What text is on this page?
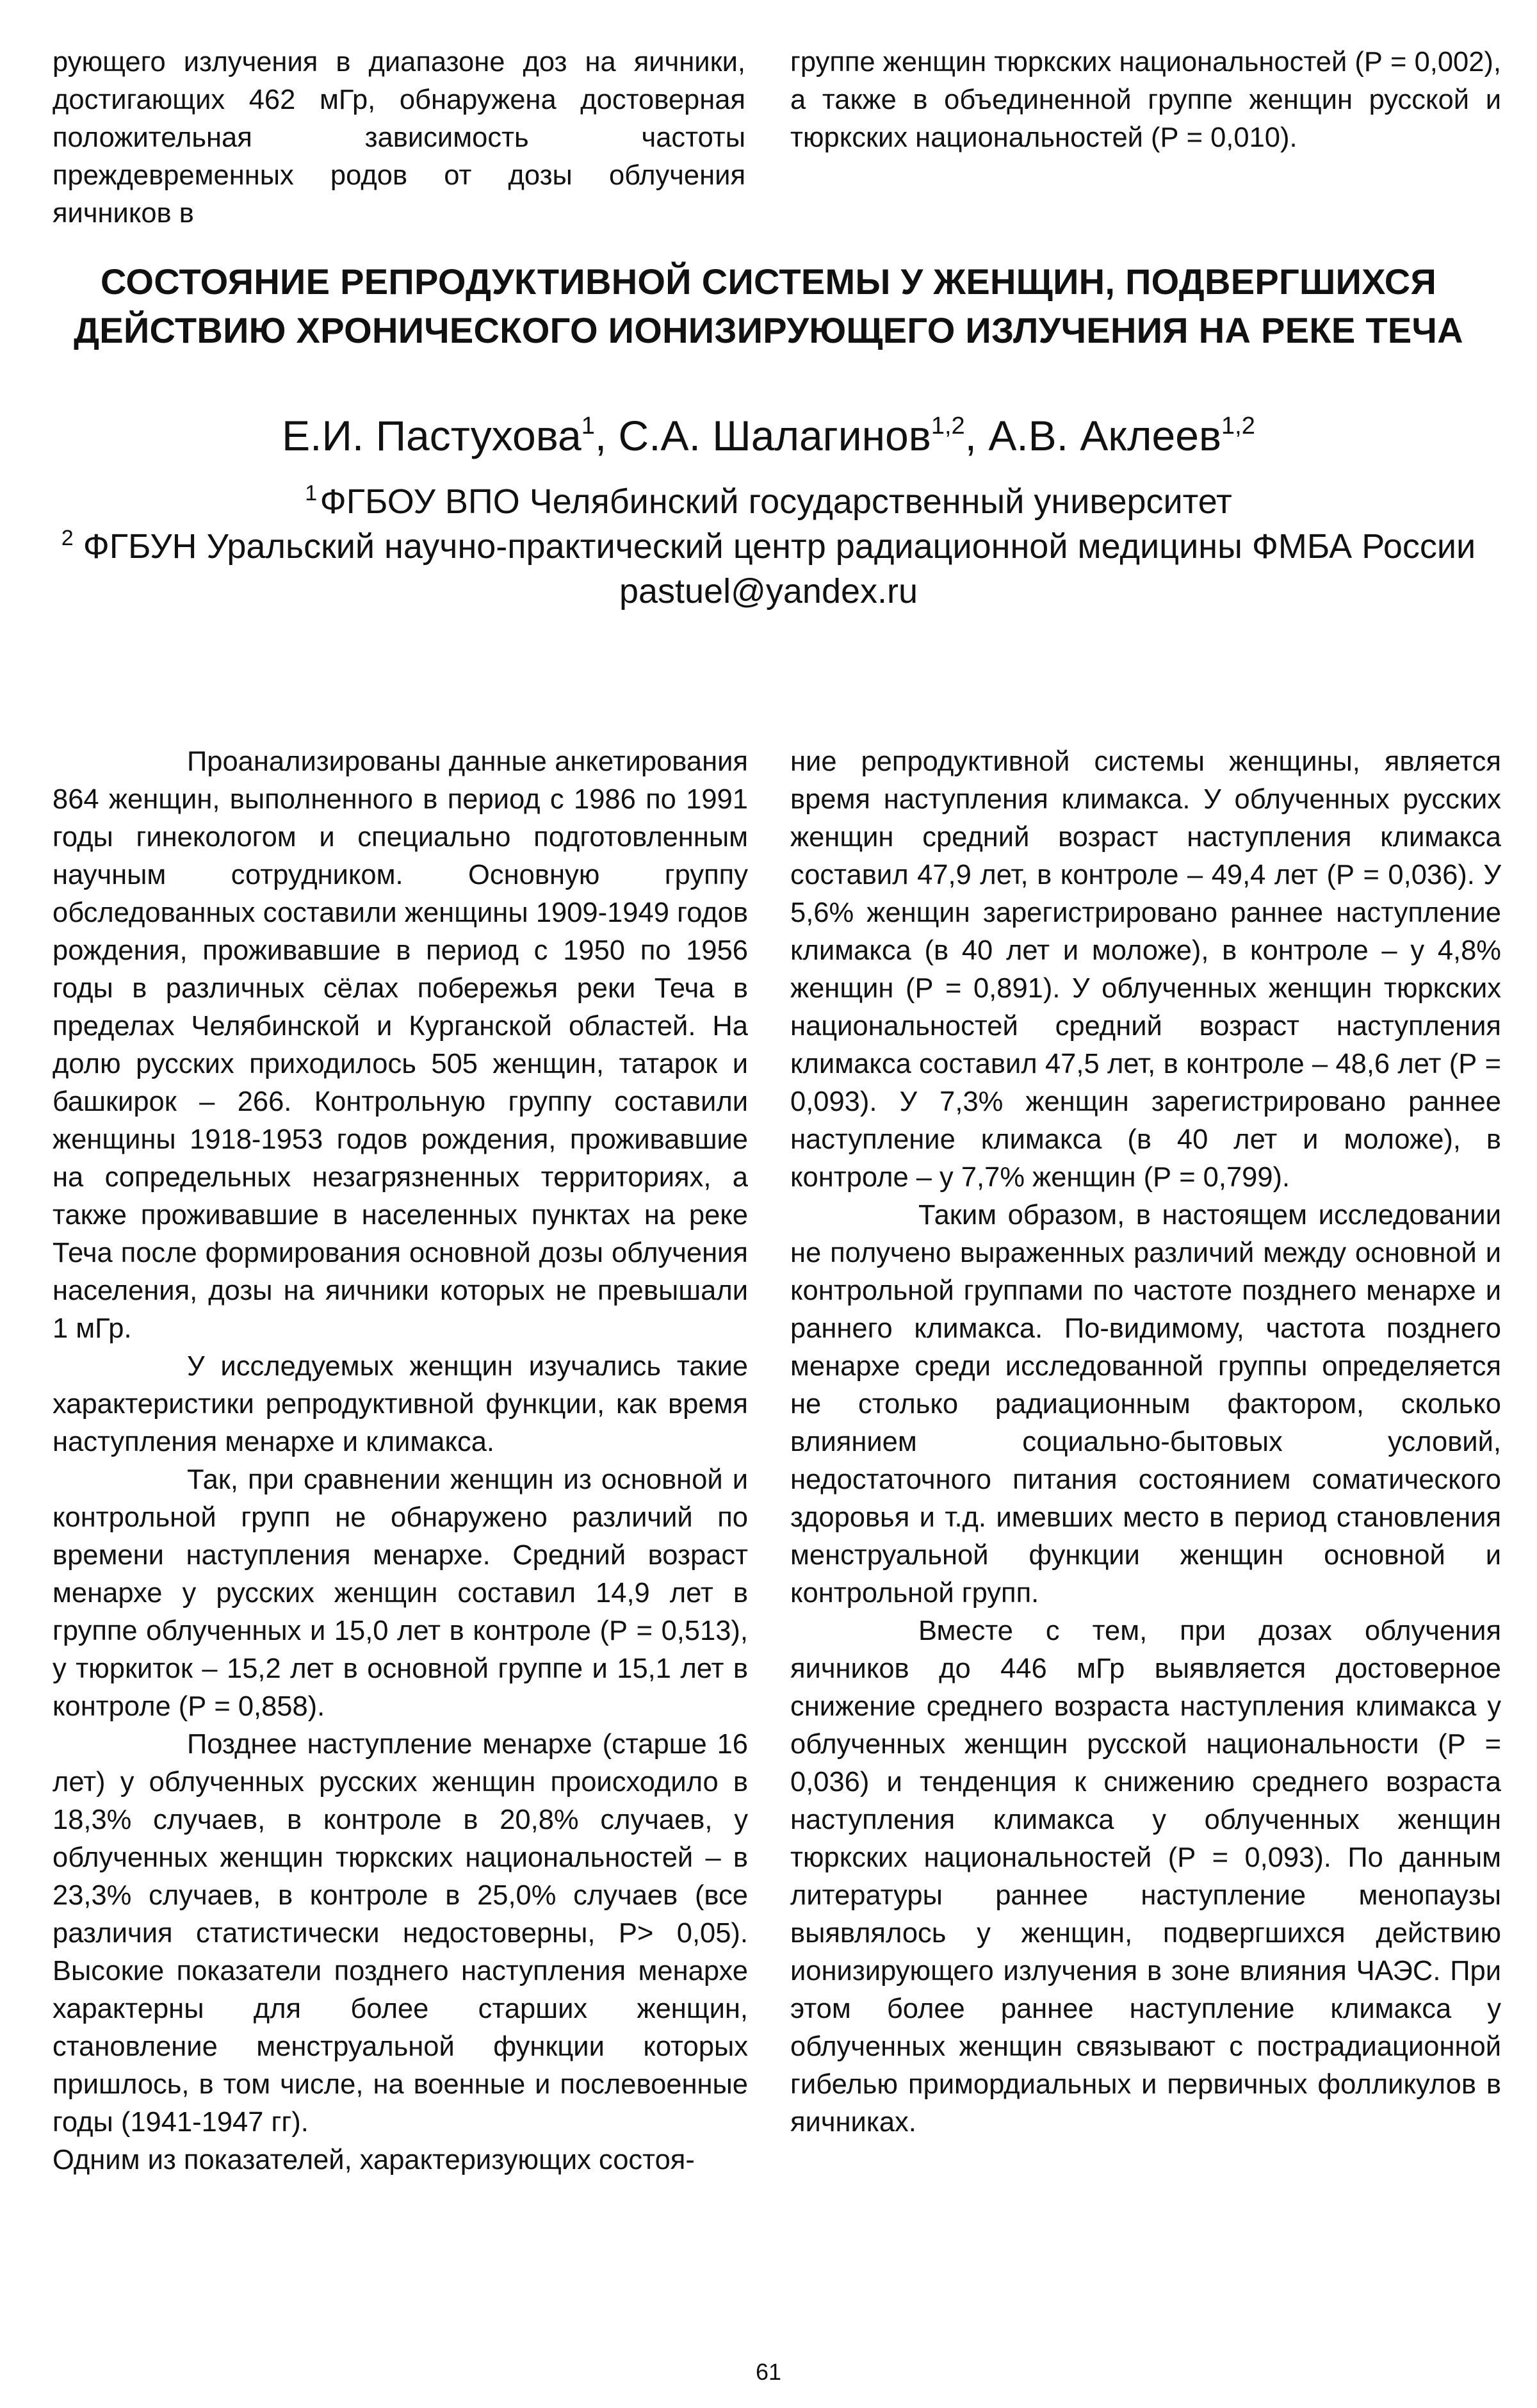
рующего излучения в диапазоне доз на яичники, достигающих 462 мГр, обнаружена достоверная положительная зависимость частоты преждевременных родов от дозы облучения яичников в

группе женщин тюркских национальностей (Р = 0,002), а также в объединенной группе женщин русской и тюркских национальностей (Р = 0,010).

СОСТОЯНИЕ РЕПРОДУКТИВНОЙ СИСТЕМЫ У ЖЕНЩИН, ПОДВЕРГШИХСЯ ДЕЙСТВИЮ ХРОНИЧЕСКОГО ИОНИЗИРУЮЩЕГО ИЗЛУЧЕНИЯ НА РЕКЕ ТЕЧА
Е.И. Пастухова$^1$, С.А. Шалагинов$^{1,2}$, А.В. Аклеев$^{1,2}$
$^1$ ФГБОУ ВПО Челябинский государственный университет
$^2$ ФГБУН Уральский научно-практический центр радиационной медицины ФМБА России
pastuel@yandex.ru

Проанализированы данные анкетирования 864 женщин, выполненного в период с 1986 по 1991 годы гинекологом и специально подготовленным научным сотрудником. Основную группу обследованных составили женщины 1909-1949 годов рождения, проживавшие в период с 1950 по 1956 годы в различных сёлах побережья реки Теча в пределах Челябинской и Курганской областей. На долю русских приходилось 505 женщин, татарок и башкирок – 266. Контрольную группу составили женщины 1918-1953 годов рождения, проживавшие на сопредельных незагрязненных территориях, а также проживавшие в населенных пунктах на реке Теча после формирования основной дозы облучения населения, дозы на яичники которых не превышали 1 мГр.

У исследуемых женщин изучались такие характеристики репродуктивной функции, как время наступления менархе и климакса.

Так, при сравнении женщин из основной и контрольной групп не обнаружено различий по времени наступления менархе. Средний возраст менархе у русских женщин составил 14,9 лет в группе облученных и 15,0 лет в контроле (Р = 0,513), у тюркиток – 15,2 лет в основной группе и 15,1 лет в контроле (Р = 0,858).

Позднее наступление менархе (старше 16 лет) у облученных русских женщин происходило в 18,3% случаев, в контроле в 20,8% случаев, у облученных женщин тюркских национальностей – в 23,3% случаев, в контроле в 25,0% случаев (все различия статистически недостоверны, Р> 0,05). Высокие показатели позднего наступления менархе характерны для более старших женщин, становление менструальной функции которых пришлось, в том числе, на военные и послевоенные годы (1941-1947 гг).

Одним из показателей, характеризующих состоя-

ние репродуктивной системы женщины, является время наступления климакса. У облученных русских женщин средний возраст наступления климакса составил 47,9 лет, в контроле – 49,4 лет (Р = 0,036). У 5,6% женщин зарегистрировано раннее наступление климакса (в 40 лет и моложе), в контроле – у 4,8% женщин (Р = 0,891). У облученных женщин тюркских национальностей средний возраст наступления климакса составил 47,5 лет, в контроле – 48,6 лет (Р = 0,093). У 7,3% женщин зарегистрировано раннее наступление климакса (в 40 лет и моложе), в контроле – у 7,7% женщин (Р = 0,799).

Таким образом, в настоящем исследовании не получено выраженных различий между основной и контрольной группами по частоте позднего менархе и раннего климакса. По-видимому, частота позднего менархе среди исследованной группы определяется не столько радиационным фактором, сколько влиянием социально-бытовых условий, недостаточного питания состоянием соматического здоровья и т.д. имевших место в период становления менструальной функции женщин основной и контрольной групп.

Вместе с тем, при дозах облучения яичников до 446 мГр выявляется достоверное снижение среднего возраста наступления климакса у облученных женщин русской национальности (Р = 0,036) и тенденция к снижению среднего возраста наступления климакса у облученных женщин тюркских национальностей (Р = 0,093). По данным литературы раннее наступление менопаузы выявлялось у женщин, подвергшихся действию ионизирующего излучения в зоне влияния ЧАЭС. При этом более раннее наступление климакса у облученных женщин связывают с пострадиационной гибелью примордиальных и первичных фолликулов в яичниках.

61
